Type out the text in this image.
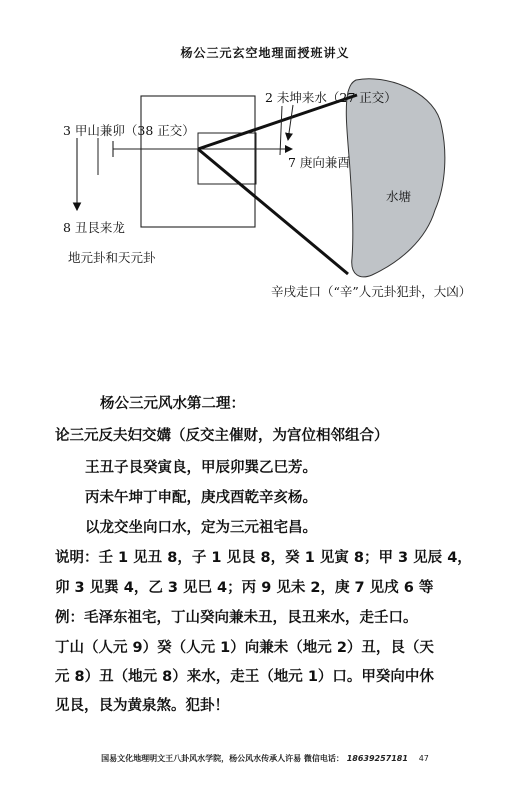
杨公三元玄空地理面授班讲义
2 未坤来水（27 正交）
3 甲山兼卯（38 正交）
7 庚向兼酉
8 丑艮来龙
地元卦和天元卦
水塘
辛戌走口（“辛”人元卦犯卦，大凶）
杨公三元风水第二理：
论三元反夫妇交媾（反交主催财，为宫位相邻组合）
王丑子艮癸寅良，甲辰卯巽乙巳芳。
丙未午坤丁申配，庚戌酉乾辛亥杨。
以龙交坐向口水，定为三元祖宅昌。
说明：壬 1 见丑 8，子 1 见艮 8，癸 1 见寅 8；甲 3 见辰 4，
卯 3 见巽 4，乙 3 见巳 4；丙 9 见未 2，庚 7 见戌 6 等
例：毛泽东祖宅，丁山癸向兼未丑，艮丑来水，走壬口。
丁山（人元 9）癸（人元 1）向兼未（地元 2）丑，艮（天
元 8）丑（地元 8）来水，走王（地元 1）口。甲癸向中休
见艮，艮为黄泉煞。犯卦！
国易文化地理明文王八卦风水学院，杨公风水传承人许易 微信电话： 18639257181 47
